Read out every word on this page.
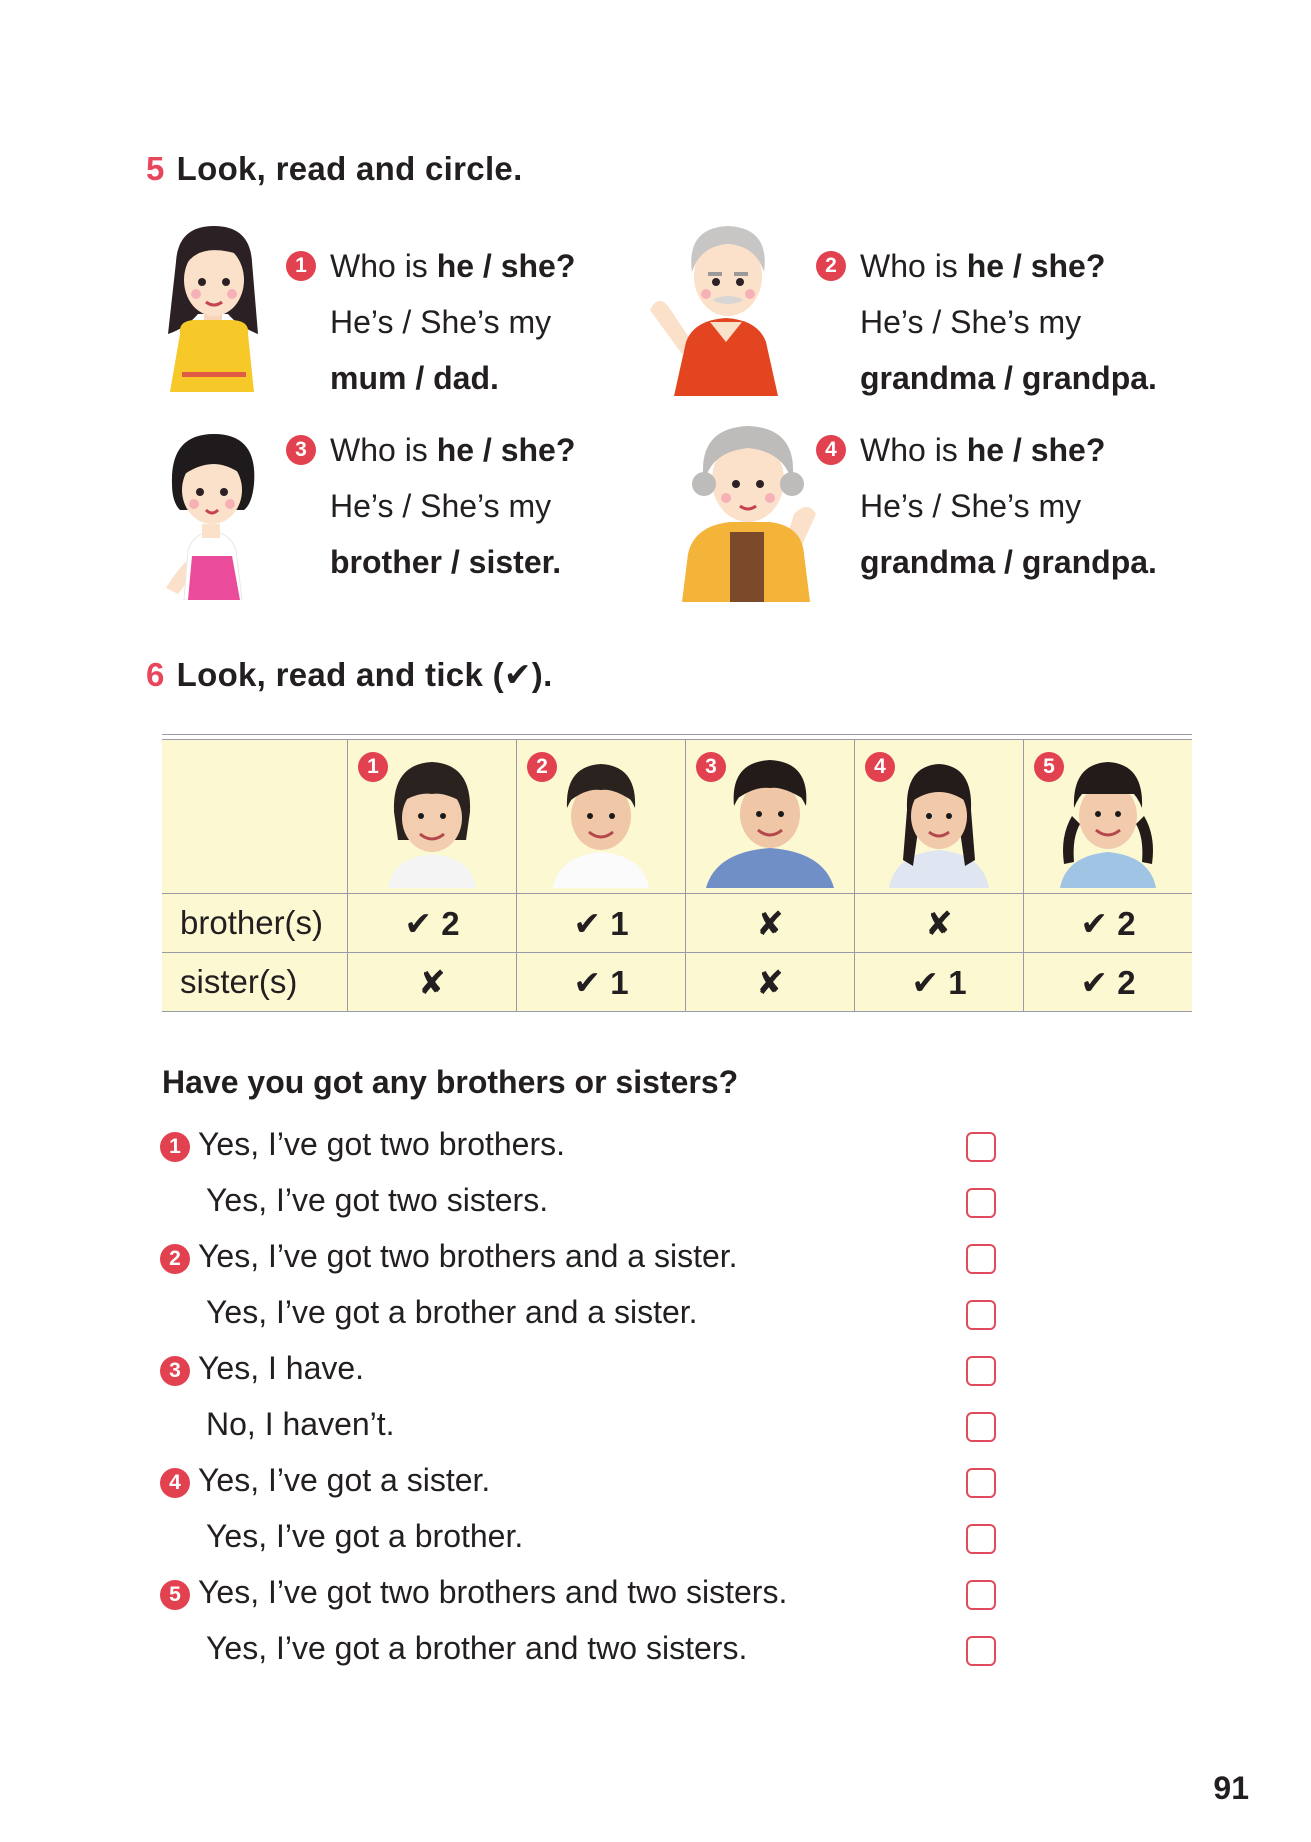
5 Look, read and circle.
1 Who is he / she?
He’s / She’s my
mum / dad.
2 Who is he / she?
He’s / She’s my
grandma / grandpa.
3 Who is he / she?
He’s / She’s my
brother / sister.
4 Who is he / she?
He’s / She’s my
grandma / grandpa.
6 Look, read and tick (✔).

	1	2	3	4	5

brother(s)	✔ 2	✔ 1	✘	✘	✔ 2
sister(s)	✘	✔ 1	✘	✔ 1	✔ 2
Have you got any brothers or sisters?
1 Yes, I’ve got two brothers.
Yes, I’ve got two sisters.
2 Yes, I’ve got two brothers and a sister.
Yes, I’ve got a brother and a sister.
3 Yes, I have.
No, I haven’t.
4 Yes, I’ve got a sister.
Yes, I’ve got a brother.
5 Yes, I’ve got two brothers and two sisters.
Yes, I’ve got a brother and two sisters.
91
